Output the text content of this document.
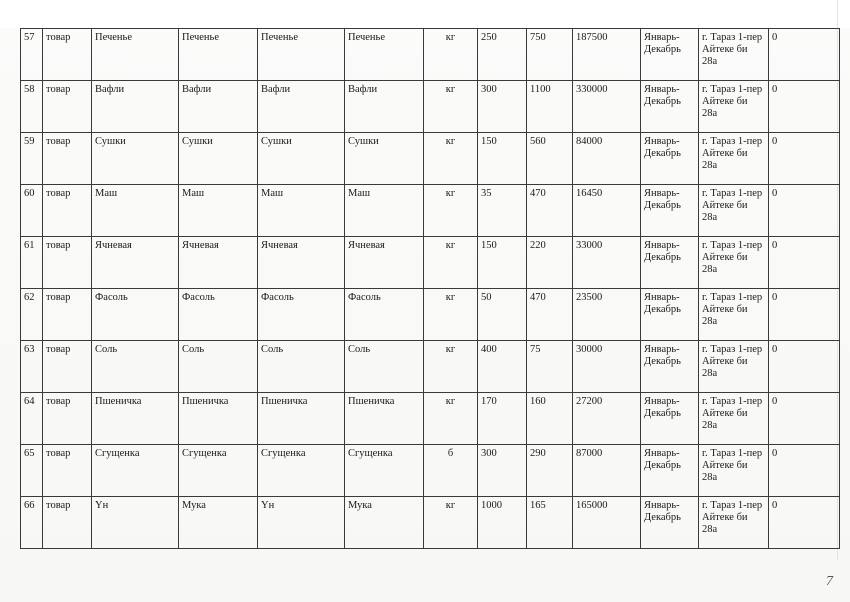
57	товар	Печенье	Печенье	Печенье	Печенье	кг	250	750	187500	Январь-Декабрь	г. Тараз 1-пер Айтеке би 28а	0
58	товар	Вафли	Вафли	Вафли	Вафли	кг	300	1100	330000	Январь-Декабрь	г. Тараз 1-пер Айтеке би 28а	0
59	товар	Сушки	Сушки	Сушки	Сушки	кг	150	560	84000	Январь-Декабрь	г. Тараз 1-пер Айтеке би 28а	0
60	товар	Маш	Маш	Маш	Маш	кг	35	470	16450	Январь-Декабрь	г. Тараз 1-пер Айтеке би 28а	0
61	товар	Ячневая	Ячневая	Ячневая	Ячневая	кг	150	220	33000	Январь-Декабрь	г. Тараз 1-пер Айтеке би 28а	0
62	товар	Фасоль	Фасоль	Фасоль	Фасоль	кг	50	470	23500	Январь-Декабрь	г. Тараз 1-пер Айтеке би 28а	0
63	товар	Соль	Соль	Соль	Соль	кг	400	75	30000	Январь-Декабрь	г. Тараз 1-пер Айтеке би 28а	0
64	товар	Пшеничка	Пшеничка	Пшеничка	Пшеничка	кг	170	160	27200	Январь-Декабрь	г. Тараз 1-пер Айтеке би 28а	0
65	товар	Сгущенка	Сгущенка	Сгущенка	Сгущенка	б	300	290	87000	Январь-Декабрь	г. Тараз 1-пер Айтеке би 28а	0
66	товар	Үн	Мука	Үн	Мука	кг	1000	165	165000	Январь-Декабрь	г. Тараз 1-пер Айтеке би 28а	0
7
